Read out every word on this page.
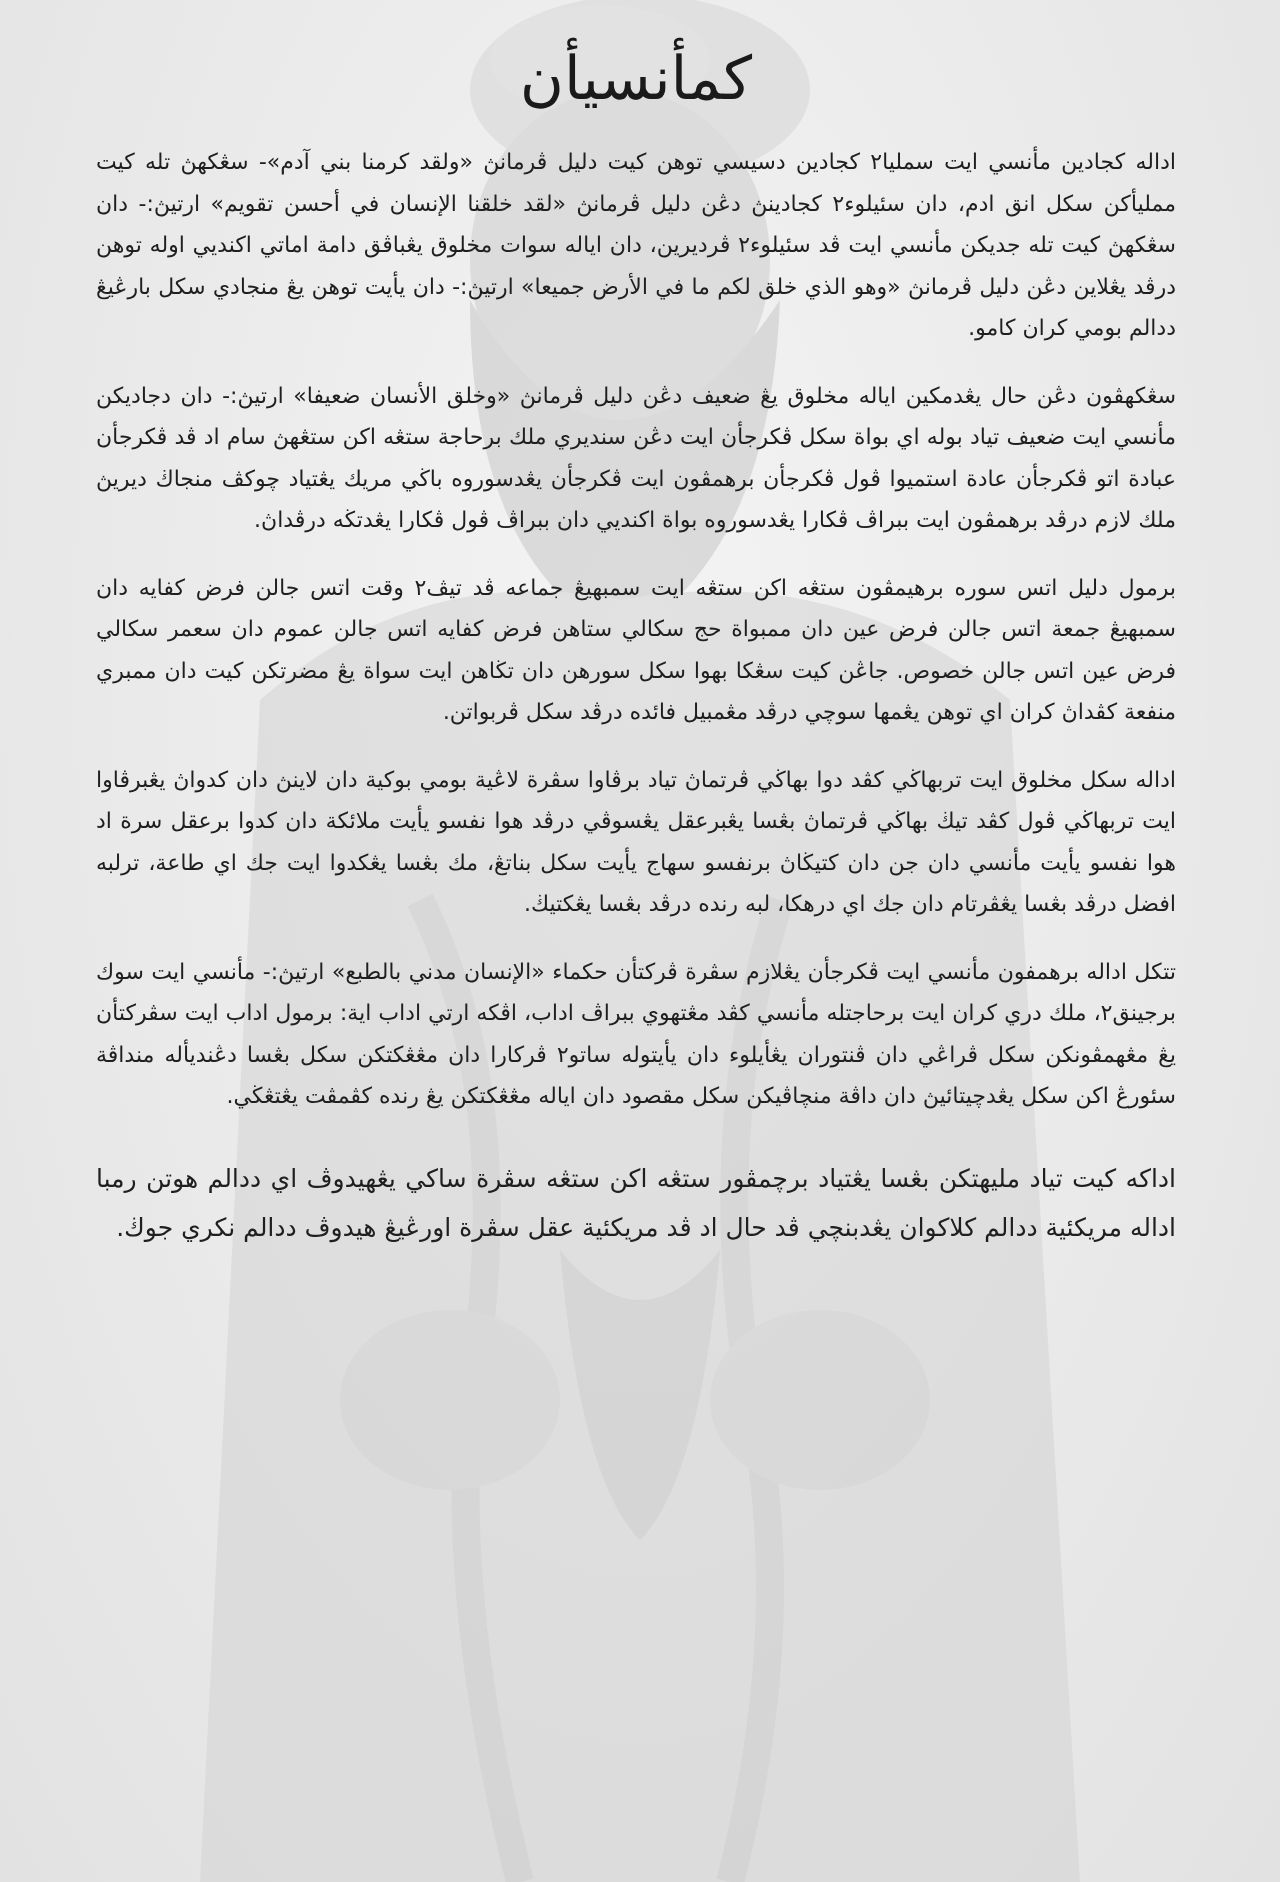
كمأنسيأن

اداله كجادين مأنسي ايت سمليا٢ كجادين دسيسي توهن كيت دليل ڤرمانڽ «ولقد كرمنا بني آدم»- سڠكهڽ تله كيت ممليأكن سكل انق ادم، دان سئيلوء٢ كجادينڽ دڠن دليل ڤرمانڽ «لقد خلقنا الإنسان في أحسن تقويم» ارتيڽ:- دان سڠكهڽ كيت تله جديكن مأنسي ايت ڤد سئيلوء٢ ڤرديرين، دان اياله سوات مخلوق يڠباڤق دامة اماتي اكنديي اوله توهن درڤد يڠلاين دڠن دليل ڤرمانڽ «وهو الذي خلق لكم ما في الأرض جميعا» ارتيڽ:- دان يأيت توهن يڠ منجادي سكل بارڠيڠ ددالم بومي كران كامو.

سڠكهڤون دڠن حال يڠدمكين اياله مخلوق يڠ ضعيف دڠن دليل ڤرمانڽ «وخلق الأنسان ضعيفا» ارتيڽ:- دان دجاديكن مأنسي ايت ضعيف تياد بوله اي بواة سكل ڤكرجأن ايت دڠن سنديري ملك برحاجة ستڠه اكن ستڠهڽ سام اد ڤد ڤكرجأن عبادة اتو ڤكرجأن عادة استميوا ڤول ڤكرجأن برهمڤون ايت ڤكرجأن يڠدسوروه باڬي مريك يڠتياد چوكڤ منجاڬ ديريڽ ملك لازم درڤد برهمڤون ايت ببراڤ ڤكارا يڠدسوروه بواة اكنديي دان ببراڤ ڤول ڤكارا يڠدتڬه درڤداڽ.

برمول دليل اتس سوره برهيمڤون ستڠه اكن ستڠه ايت سمبهيڠ جماعه ڤد تيڤ٢ وقت اتس جالن فرض كفايه دان سمبهيڠ جمعة اتس جالن فرض عين دان ممبواة حج سكالي ستاهن فرض كفايه اتس جالن عموم دان سعمر سكالي فرض عين اتس جالن خصوص. جاڠن كيت سڠكا بهوا سكل سورهن دان تڬاهن ايت سواة يڠ مضرتكن كيت دان ممبري منفعة كڤداڽ كران اي توهن يڠمها سوچي درڤد مڠمبيل فائده درڤد سكل ڤربواتن.

اداله سكل مخلوق ايت تربهاڬي كڤد دوا بهاڬي ڤرتماڽ تياد برڤاوا سڤرة لاڠية بومي بوكية دان لاينڽ دان كدواڽ يڠبرڤاوا ايت تربهاڬي ڤول كڤد تيڬ بهاڬي ڤرتماڽ بڠسا يڠبرعقل يڠسوڤي درڤد هوا نفسو يأيت ملائكة دان كدوا برعقل سرة اد هوا نفسو يأيت مأنسي دان جن دان كتيڬاڽ برنفسو سهاج يأيت سكل بناتڠ، مك بڠسا يڠكدوا ايت جك اي طاعة، ترلبه افضل درڤد بڠسا يڠڤرتام دان جك اي درهكا، لبه رنده درڤد بڠسا يڠكتيڬ.

تتكل اداله برهمفون مأنسي ايت ڤكرجأن يڠلازم سڤرة ڤركتأن حكماء «الإنسان مدني بالطبع» ارتيڽ:- مأنسي ايت سوك برجينق٢، ملك دري كران ايت برحاجتله مأنسي كڤد مڠتهوي ببراڤ اداب، اڤكه ارتي اداب اية: برمول اداب ايت سڤركتأن يڠ مڠهمڤونكن سكل ڤراڠي دان ڤنتوران يڠأيلوء دان يأيتوله ساتو٢ ڤركارا دان مڠڠكتكن سكل بڠسا دڠنديأله منداڤة سئورڠ اكن سكل يڠدچيتائيڽ دان داڤة منچاڤيكن سكل مقصود دان اياله مڠڠكتكن يڠ رنده كڤمڤت يڠتڠڬي.

اداكه كيت تياد مليهتكن بڠسا يڠتياد برچمڤور ستڠه اكن ستڠه سڤرة ساكي يڠهيدوڤ اي ددالم هوتن رمبا اداله مريكئية ددالم كلاكوان يڠدبنچي ڤد حال اد ڤد مريكئية عقل سڤرة اورڠيڠ هيدوڤ ددالم نكري جوڬ.
